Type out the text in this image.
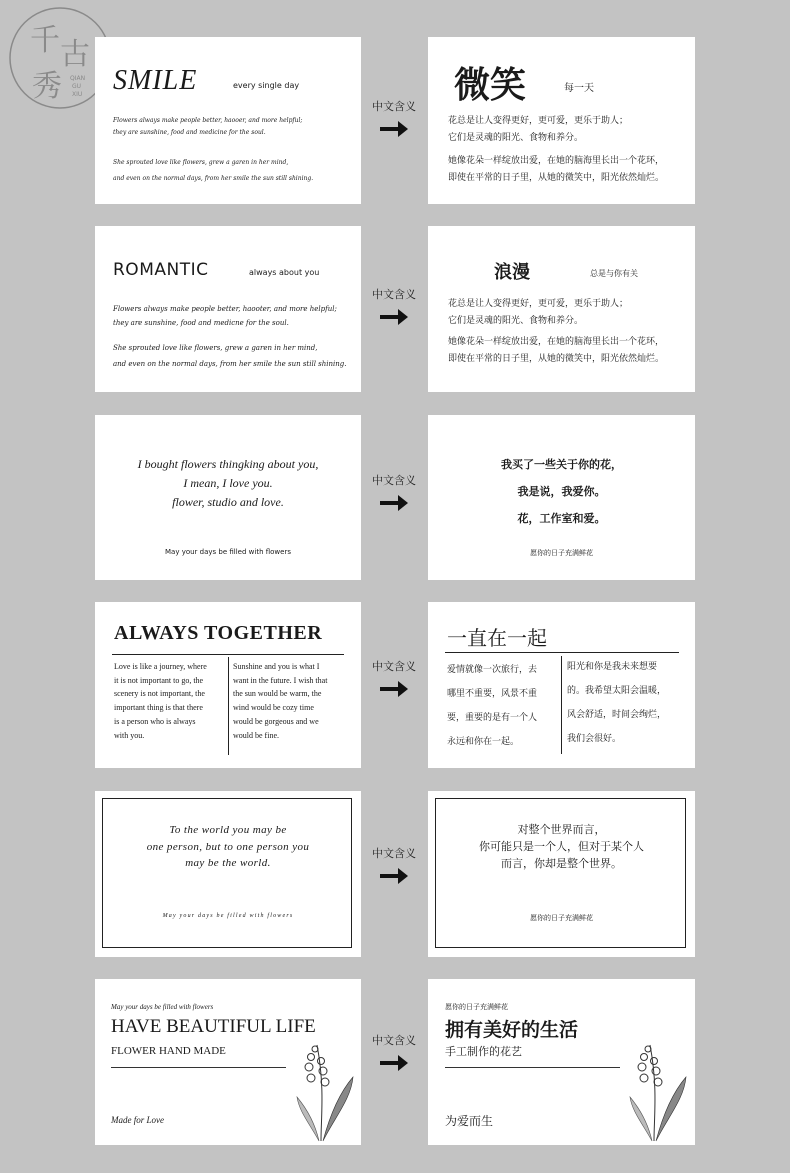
千 古
秀 QIAN
GU
XIU SMILE	every single day
Flowers always make people better, haooer, and more helpful;
they are sunshine, food and medicine for the soul.
She sprouted love like flowers, grew a garen in her mind,
and even on the normal days, from her smile the sun still shining.
中文含义
微笑	每一天
花总是让人变得更好，更可爱，更乐于助人；
它们是灵魂的阳光、食物和养分。
她像花朵一样绽放出爱，在她的脑海里长出一个花环，
即使在平常的日子里，从她的微笑中，阳光依然灿烂。
ROMANTIC	always about you
Flowers always make people better, haooter, and more helpful;
they are sunshine, food and medicne for the soul.
She sprouted love like flowers, grew a garen in her mind,
and even on the normal days, from her smile the sun still shining.
中文含义
浪漫	总是与你有关
花总是让人变得更好，更可爱，更乐于助人；
它们是灵魂的阳光、食物和养分。
她像花朵一样绽放出爱，在她的脑海里长出一个花环，
即使在平常的日子里，从她的微笑中，阳光依然灿烂。
I bought flowers thingking about you,
I mean, I love you.
flower, studio and love.
May your days be filled with flowers
中文含义
我买了一些关于你的花，
我是说，我爱你。
花，工作室和爱。
愿你的日子充满鲜花
ALWAYS TOGETHER
Love is like a journey, where
it is not important to go, the
scenery is not important, the
important thing is that there
is a person who is always
with you.
Sunshine and you is what I
want in the future. I wish that
the sun would be warm, the
wind would be cozy time
would be gorgeous and we
would be fine.
中文含义
一直在一起
爱情就像一次旅行，去
哪里不重要，风景不重
要，重要的是有一个人
永远和你在一起。
阳光和你是我未来想要
的。我希望太阳会温暖，
风会舒适，时间会绚烂，
我们会很好。
To the world you may be
one person, but to one person you
may be the world.
May your days be filled with flowers
中文含义
对整个世界而言，
你可能只是一个人，但对于某个人
而言，你却是整个世界。
愿你的日子充满鲜花
May your days be filled with flowers
HAVE BEAUTIFUL LIFE
FLOWER HAND MADE
Made for Love
中文含义
愿你的日子充满鲜花
拥有美好的生活
手工制作的花艺
为爱而生
